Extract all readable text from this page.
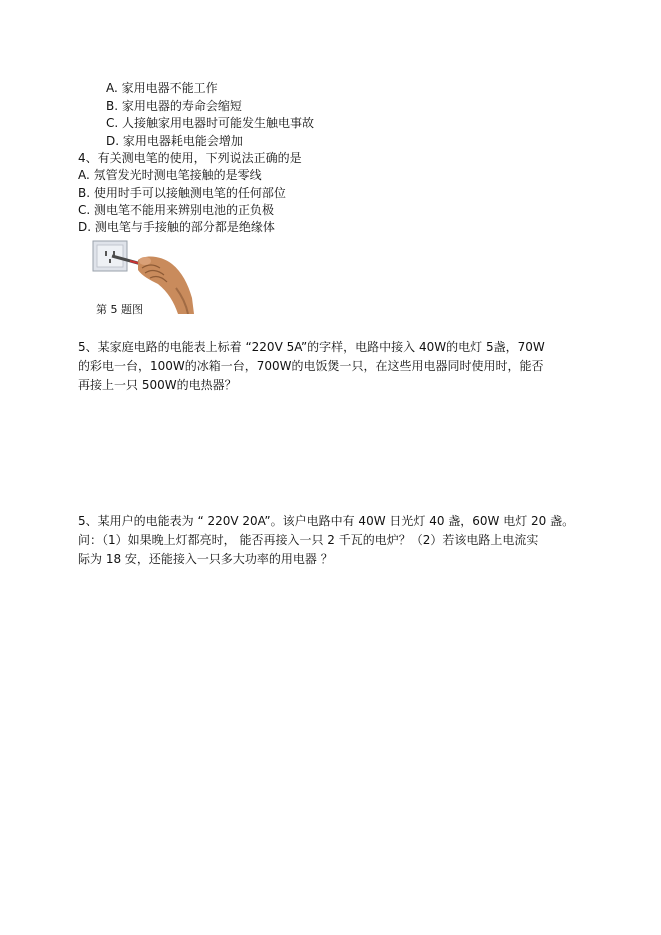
A. 家用电器不能工作
B. 家用电器的寿命会缩短
C. 人接触家用电器时可能发生触电事故
D. 家用电器耗电能会增加
4、有关测电笔的使用，下列说法正确的是
A. 氖管发光时测电笔接触的是零线
B. 使用时手可以接触测电笔的任何部位
C. 测电笔不能用来辨别电池的正负极
D. 测电笔与手接触的部分都是绝缘体
第 5 题图
5、某家庭电路的电能表上标着 “220V 5A”的字样，电路中接入 40W的电灯 5盏，70W
的彩电一台，100W的冰箱一台，700W的电饭煲一只，在这些用电器同时使用时，能否
再接上一只 500W的电热器？
5、某用户的电能表为 “ 220V 20A”。该户电路中有 40W 日光灯 40 盏，60W 电灯 20 盏。
问：（1）如果晚上灯都亮时， 能否再接入一只 2 千瓦的电炉？（2）若该电路上电流实
际为 18 安，还能接入一只多大功率的用电器 ？
